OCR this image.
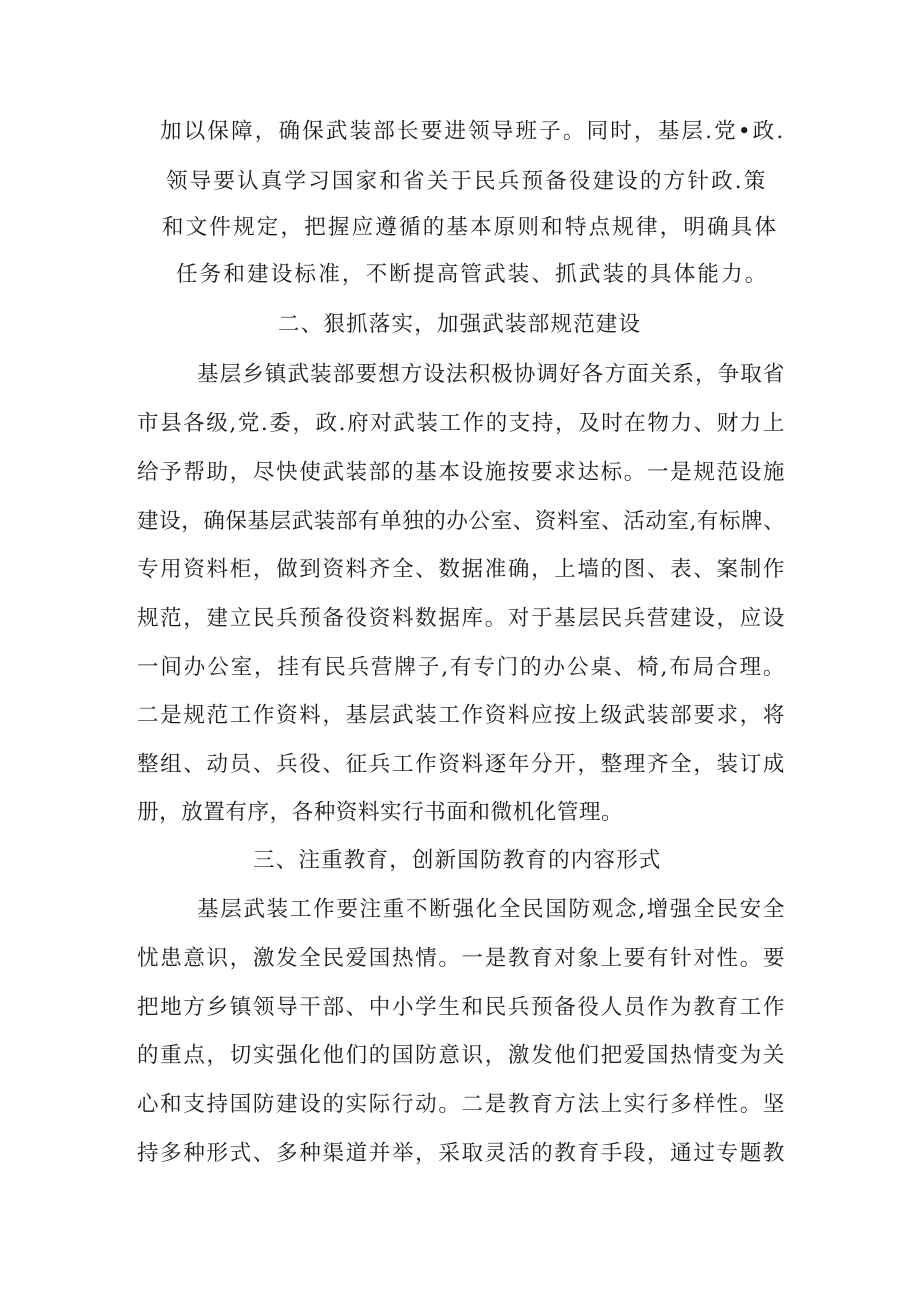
加以保障，确保武装部长要进领导班子。同时，基层.党•政.
领导要认真学习国家和省关于民兵预备役建设的方针政.策
和文件规定，把握应遵循的基本原则和特点规律，明确具体
任务和建设标准，不断提高管武装、抓武装的具体能力。
二、狠抓落实，加强武装部规范建设
基层乡镇武装部要想方设法积极协调好各方面关系，争取省
市县各级,党.委，政.府对武装工作的支持，及时在物力、财力上
给予帮助，尽快使武装部的基本设施按要求达标。一是规范设施
建设，确保基层武装部有单独的办公室、资料室、活动室,有标牌、
专用资料柜，做到资料齐全、数据准确，上墙的图、表、案制作
规范，建立民兵预备役资料数据库。对于基层民兵营建设，应设
一间办公室，挂有民兵营牌子,有专门的办公桌、椅,布局合理。
二是规范工作资料，基层武装工作资料应按上级武装部要求，将
整组、动员、兵役、征兵工作资料逐年分开，整理齐全，装订成
册，放置有序，各种资料实行书面和微机化管理。
三、注重教育，创新国防教育的内容形式
基层武装工作要注重不断强化全民国防观念,增强全民安全
忧患意识，激发全民爱国热情。一是教育对象上要有针对性。要
把地方乡镇领导干部、中小学生和民兵预备役人员作为教育工作
的重点，切实强化他们的国防意识，激发他们把爱国热情变为关
心和支持国防建设的实际行动。二是教育方法上实行多样性。坚
持多种形式、多种渠道并举，采取灵活的教育手段，通过专题教
